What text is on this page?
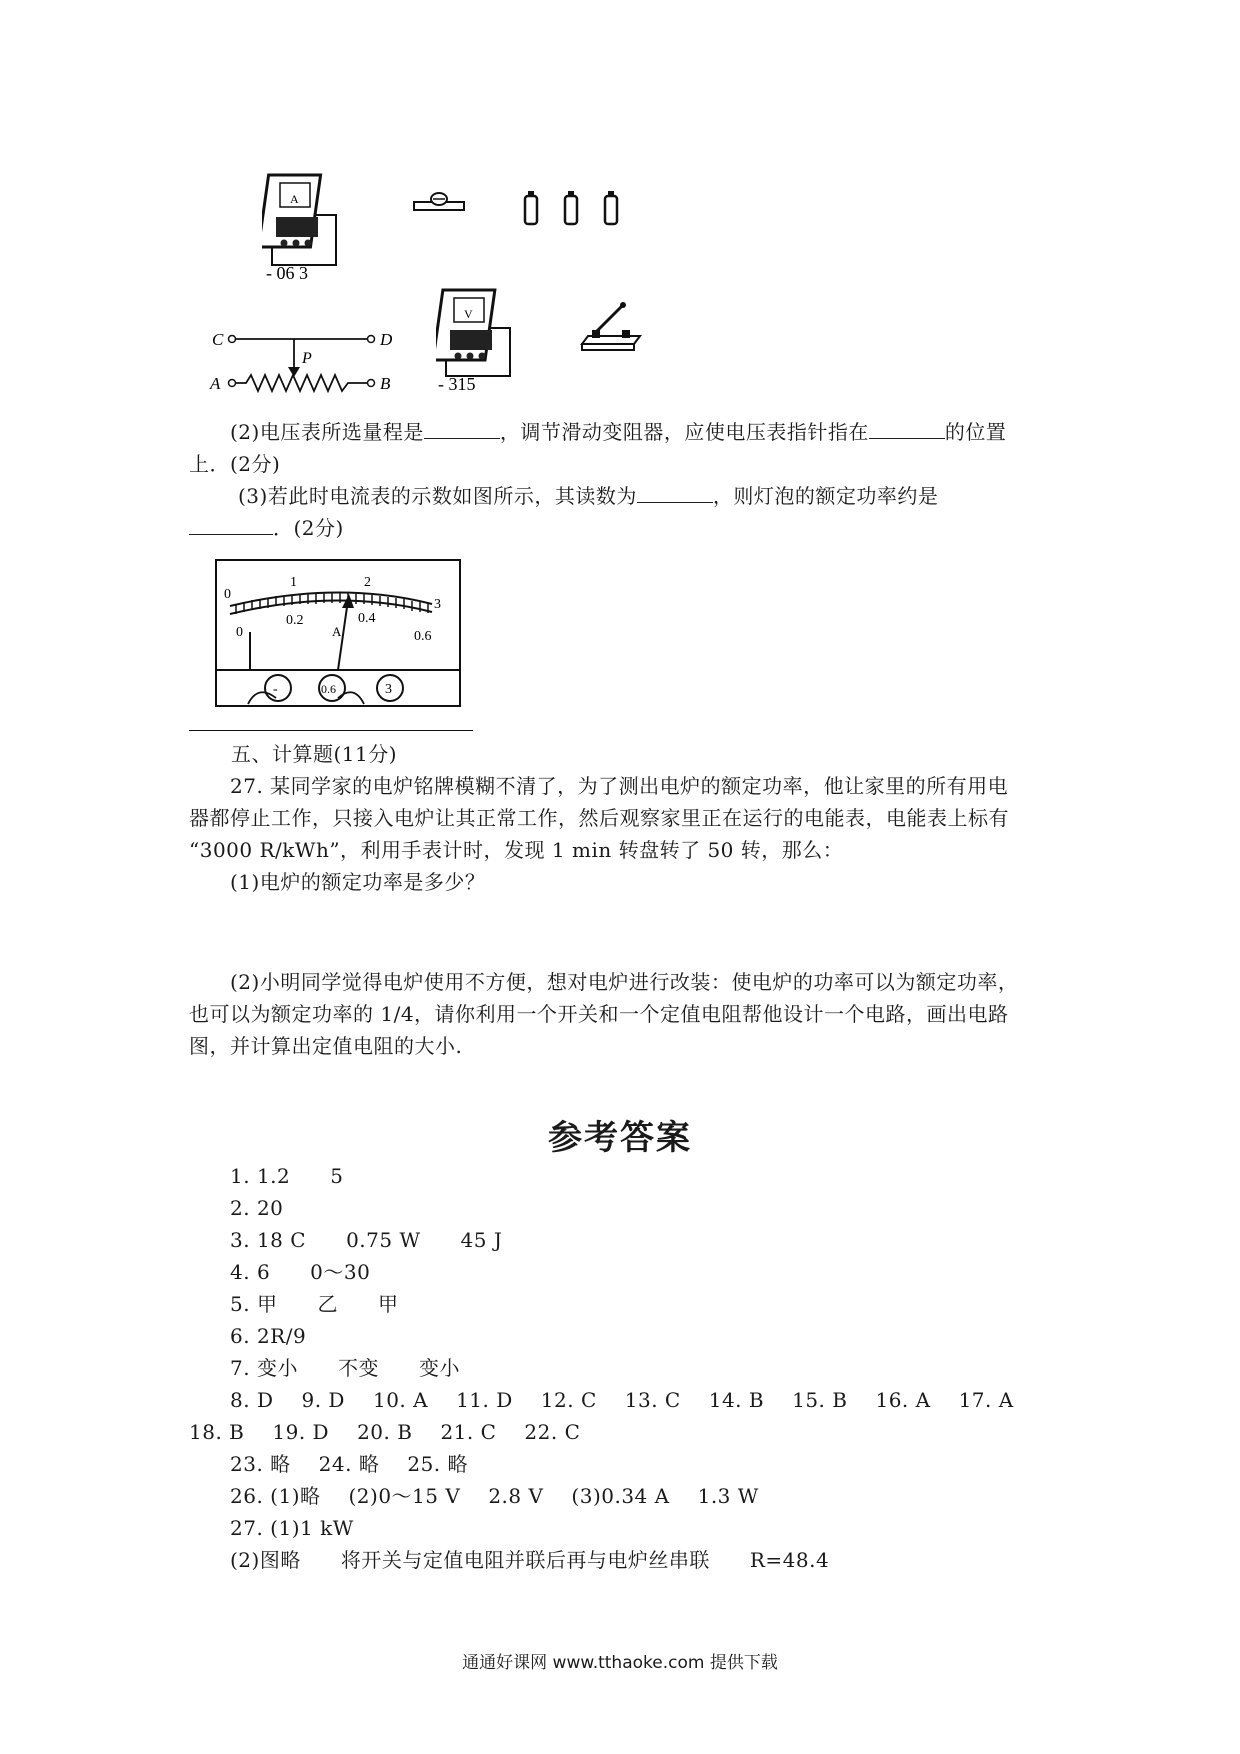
A
- 06 3
C	D
P
A	B
V
- 315
(2)电压表所选量程是	，调节滑动变阻器，应使电压表指针指在	的位置
上．(2分)
(3)若此时电流表的示数如图所示，其读数为	，则灯泡的额定功率约是
．(2分)
0
1	2
3
0
0.2	0.4
0.6
A
-	0.6	3
五、计算题(11分)
27. 某同学家的电炉铭牌模糊不清了，为了测出电炉的额定功率，他让家里的所有用电
器都停止工作，只接入电炉让其正常工作，然后观察家里正在运行的电能表，电能表上标有
“3000 R/kWh”，利用手表计时，发现 1 min 转盘转了 50 转，那么：
(1)电炉的额定功率是多少？
(2)小明同学觉得电炉使用不方便，想对电炉进行改装：使电炉的功率可以为额定功率，
也可以为额定功率的 1/4，请你利用一个开关和一个定值电阻帮他设计一个电路，画出电路
图，并计算出定值电阻的大小.
参考答案
1. 1.2 5
2. 20
3. 18 C 0.75 W 45 J
4. 6 0～30
5. 甲 乙 甲
6. 2R/9
7. 变小 不变 变小
8. D 9. D 10. A 11. D 12. C 13. C 14. B 15. B 16. A 17. A
18. B 19. D 20. B 21. C 22. C
23. 略 24. 略 25. 略
26. (1)略 (2)0～15 V 2.8 V (3)0.34 A 1.3 W
27. (1)1 kW
(2)图略 将开关与定值电阻并联后再与电炉丝串联 R=48.4
通通好课网 www.tthaoke.com 提供下载
